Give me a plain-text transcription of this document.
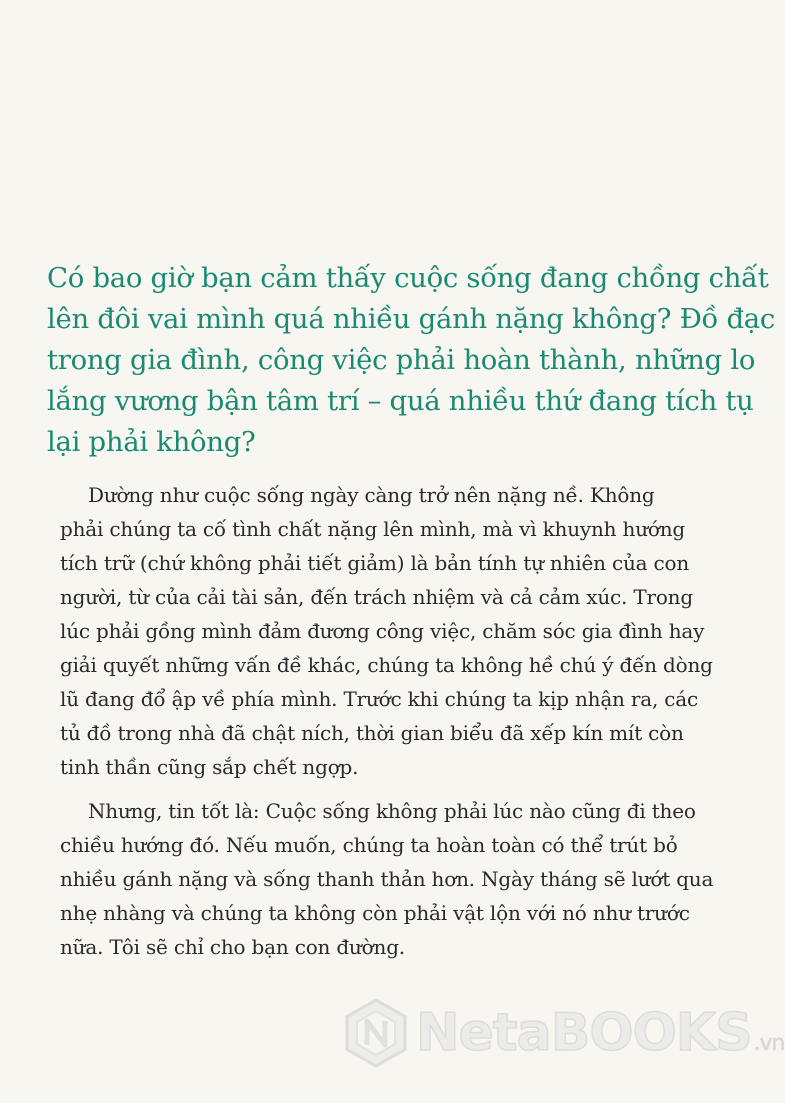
Có bao giờ bạn cảm thấy cuộc sống đang chồng chất
lên đôi vai mình quá nhiều gánh nặng không? Đồ đạc
trong gia đình, công việc phải hoàn thành, những lo
lắng vương bận tâm trí – quá nhiều thứ đang tích tụ
lại phải không?

Dường như cuộc sống ngày càng trở nên nặng nề. Không
phải chúng ta cố tình chất nặng lên mình, mà vì khuynh hướng
tích trữ (chứ không phải tiết giảm) là bản tính tự nhiên của con
người, từ của cải tài sản, đến trách nhiệm và cả cảm xúc. Trong
lúc phải gồng mình đảm đương công việc, chăm sóc gia đình hay
giải quyết những vấn đề khác, chúng ta không hề chú ý đến dòng
lũ đang đổ ập về phía mình. Trước khi chúng ta kịp nhận ra, các
tủ đồ trong nhà đã chật ních, thời gian biểu đã xếp kín mít còn
tinh thần cũng sắp chết ngợp.

Nhưng, tin tốt là: Cuộc sống không phải lúc nào cũng đi theo
chiều hướng đó. Nếu muốn, chúng ta hoàn toàn có thể trút bỏ
nhiều gánh nặng và sống thanh thản hơn. Ngày tháng sẽ lướt qua
nhẹ nhàng và chúng ta không còn phải vật lộn với nó như trước
nữa. Tôi sẽ chỉ cho bạn con đường.

NetaBOOKS.vn
